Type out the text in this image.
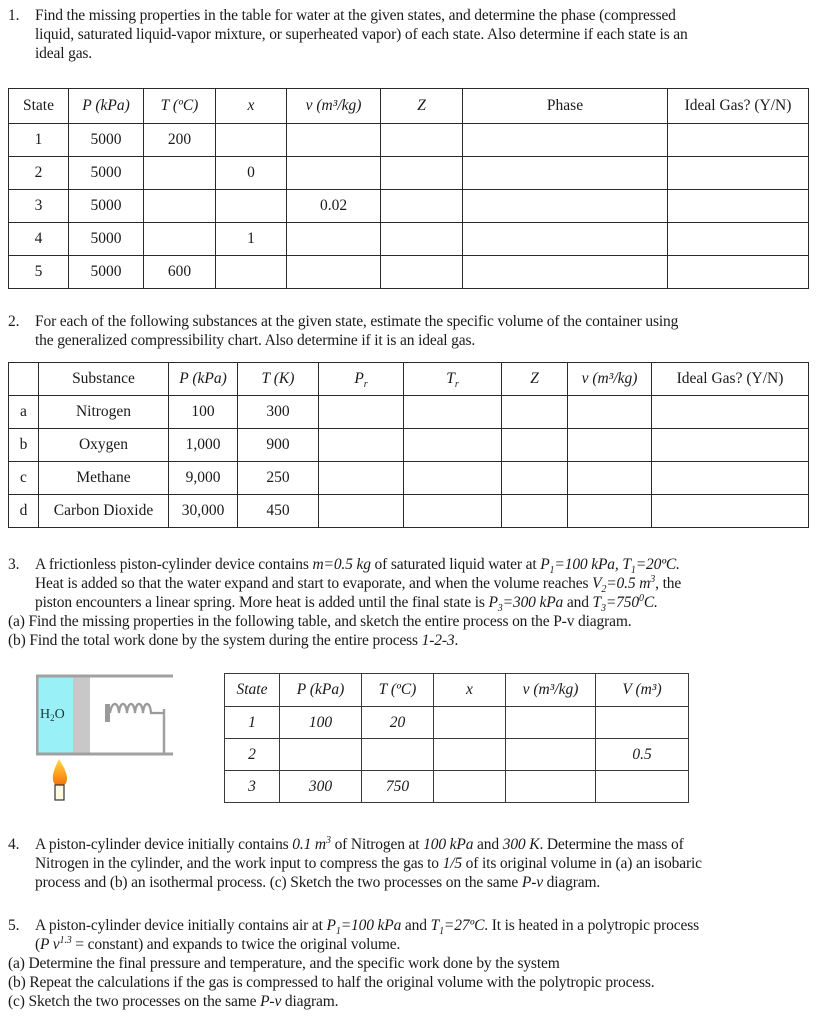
1. Find the missing properties in the table for water at the given states, and determine the phase (compressed
liquid, saturated liquid-vapor mixture, or superheated vapor) of each state. Also determine if each state is an
ideal gas.
State	P (kPa)	T (ºC)	x	v (m³/kg)	Z	Phase	Ideal Gas? (Y/N)
1	5000	200					
2	5000		0				
3	5000			0.02			
4	5000		1				
5	5000	600					
2. For each of the following substances at the given state, estimate the specific volume of the container using
the generalized compressibility chart. Also determine if it is an ideal gas.
	Substance	P (kPa)	T (K)	$P_r$	$T_r$	Z	v (m³/kg)	Ideal Gas? (Y/N)
a	Nitrogen	100	300					
b	Oxygen	1,000	900					
c	Methane	9,000	250					
d	Carbon Dioxide	30,000	450					
3. A frictionless piston-cylinder device contains m=0.5 kg of saturated liquid water at $P_1=100$ kPa, $T_1=20ºC$.
Heat is added so that the water expand and start to evaporate, and when the volume reaches $V_2=0.5$ $m^3$, the
piston encounters a linear spring. More heat is added until the final state is $P_3=300$ kPa and $T_3=750^0C$.
(a) Find the missing properties in the following table, and sketch the entire process on the P-v diagram.
(b) Find the total work done by the system during the entire process 1-2-3.
$H_2O$
State	P (kPa)	T (ºC)	x	v (m³/kg)	V (m³)
1	100	20			
2					0.5
3	300	750			
4. A piston-cylinder device initially contains 0.1 $m^3$ of Nitrogen at 100 kPa and 300 K. Determine the mass of
Nitrogen in the cylinder, and the work input to compress the gas to 1/5 of its original volume in (a) an isobaric
process and (b) an isothermal process. (c) Sketch the two processes on the same P-v diagram.
5. A piston-cylinder device initially contains air at $P_1=100$ kPa and $T_1=27ºC$. It is heated in a polytropic process
(P $v^{1.3}$ = constant) and expands to twice the original volume.
(a) Determine the final pressure and temperature, and the specific work done by the system
(b) Repeat the calculations if the gas is compressed to half the original volume with the polytropic process.
(c) Sketch the two processes on the same P-v diagram.
